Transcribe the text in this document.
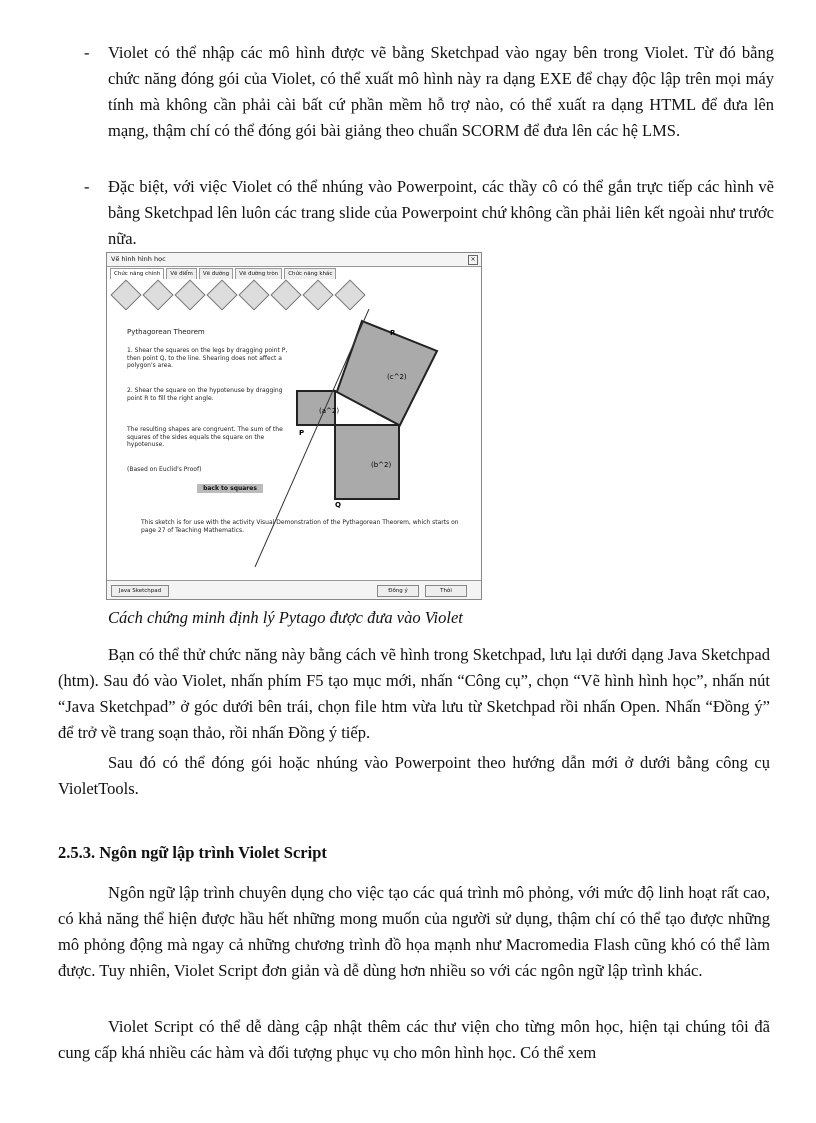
-	Violet có thể nhập các mô hình được vẽ bằng Sketchpad vào ngay bên trong Violet. Từ đó bằng chức năng đóng gói của Violet, có thể xuất mô hình này ra dạng EXE để chạy độc lập trên mọi máy tính mà không cần phải cài bất cứ phần mềm hỗ trợ nào, có thể xuất ra dạng HTML để đưa lên mạng, thậm chí có thể đóng gói bài giảng theo chuẩn SCORM để đưa lên các hệ LMS.
-	Đặc biệt, với việc Violet có thể nhúng vào Powerpoint, các thầy cô có thể gắn trực tiếp các hình vẽ bằng Sketchpad lên luôn các trang slide của Powerpoint chứ không cần phải liên kết ngoài như trước nữa.
Vẽ hình hình học	×
Chức năng chính	Vẽ điểm	Vẽ đường	Vẽ đường tròn	Chức năng khác
(c^2)
(a^2)
(b^2)
P
Q
R
Pythagorean Theorem
1. Shear the squares on the legs by dragging point P, then point Q, to the line. Shearing does not affect a polygon's area.
2. Shear the square on the hypotenuse by dragging point R to fill the right angle.
The resulting shapes are congruent. The sum of the squares of the sides equals the square on the hypotenuse.
(Based on Euclid's Proof)
back to squares
This sketch is for use with the activity Visual Demonstration of the Pythagorean Theorem, which starts on page 27 of Teaching Mathematics.
Java Sketchpad	Đồng ý	Thôi
Cách chứng minh định lý Pytago được đưa vào Violet
Bạn có thể thử chức năng này bằng cách vẽ hình trong Sketchpad, lưu lại dưới dạng Java Sketchpad (htm). Sau đó vào Violet, nhấn phím F5 tạo mục mới, nhấn “Công cụ”, chọn “Vẽ hình hình học”, nhấn nút “Java Sketchpad” ở góc dưới bên trái, chọn file htm vừa lưu từ Sketchpad rồi nhấn Open. Nhấn “Đồng ý” để trở về trang soạn thảo, rồi nhấn Đồng ý tiếp.
Sau đó có thể đóng gói hoặc nhúng vào Powerpoint theo hướng dẫn mới ở dưới bằng công cụ VioletTools.
2.5.3. Ngôn ngữ lập trình Violet Script
Ngôn ngữ lập trình chuyên dụng cho việc tạo các quá trình mô phỏng, với mức độ linh hoạt rất cao, có khả năng thể hiện được hầu hết những mong muốn của người sử dụng, thậm chí có thể tạo được những mô phỏng động mà ngay cả những chương trình đồ họa mạnh như Macromedia Flash cũng khó có thể làm được. Tuy nhiên, Violet Script đơn giản và dễ dùng hơn nhiều so với các ngôn ngữ lập trình khác.
Violet Script có thể dễ dàng cập nhật thêm các thư viện cho từng môn học, hiện tại chúng tôi đã cung cấp khá nhiều các hàm và đối tượng phục vụ cho môn hình học. Có thể xem
